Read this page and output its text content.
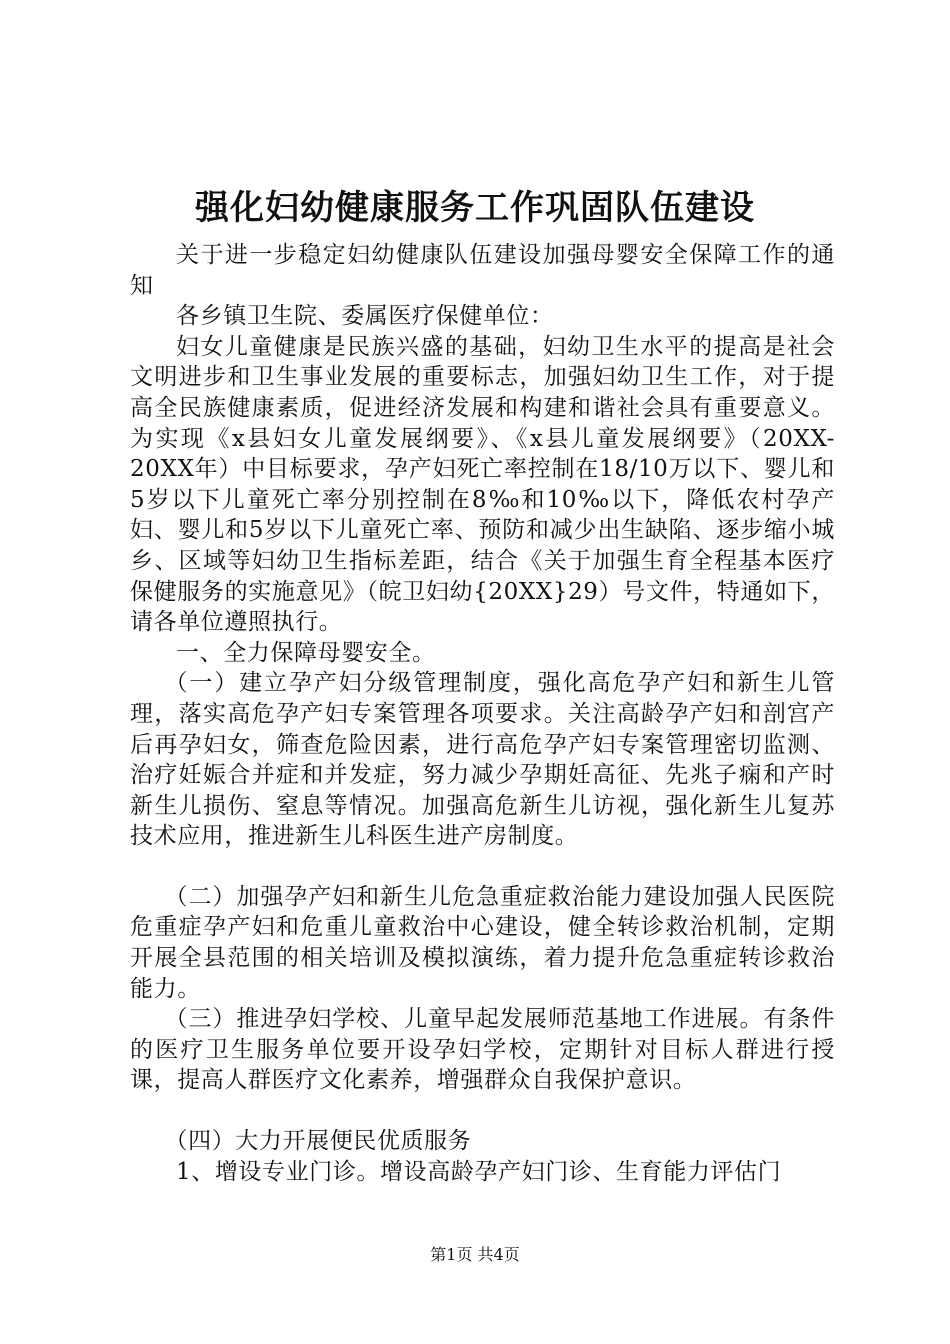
强化妇幼健康服务工作巩固队伍建设

关于进一步稳定妇幼健康队伍建设加强母婴安全保障工作的通知

各乡镇卫生院、委属医疗保健单位：

妇女儿童健康是民族兴盛的基础，妇幼卫生水平的提高是社会文明进步和卫生事业发展的重要标志，加强妇幼卫生工作，对于提高全民族健康素质，促进经济发展和构建和谐社会具有重要意义。为实现《x县妇女儿童发展纲要》、《x县儿童发展纲要》（20XX-20XX年）中目标要求，孕产妇死亡率控制在18/10万以下、婴儿和5岁以下儿童死亡率分别控制在8‰和10‰以下，降低农村孕产妇、婴儿和5岁以下儿童死亡率、预防和减少出生缺陷、逐步缩小城乡、区域等妇幼卫生指标差距，结合《关于加强生育全程基本医疗保健服务的实施意见》（皖卫妇幼{20XX}29）号文件，特通如下，请各单位遵照执行。

一、全力保障母婴安全。

（一）建立孕产妇分级管理制度，强化高危孕产妇和新生儿管理，落实高危孕产妇专案管理各项要求。关注高龄孕产妇和剖宫产后再孕妇女，筛查危险因素，进行高危孕产妇专案管理密切监测、治疗妊娠合并症和并发症，努力减少孕期妊高征、先兆子痫和产时新生儿损伤、窒息等情况。加强高危新生儿访视，强化新生儿复苏技术应用，推进新生儿科医生进产房制度。

（二）加强孕产妇和新生儿危急重症救治能力建设加强人民医院危重症孕产妇和危重儿童救治中心建设，健全转诊救治机制，定期开展全县范围的相关培训及模拟演练，着力提升危急重症转诊救治能力。

（三）推进孕妇学校、儿童早起发展师范基地工作进展。有条件的医疗卫生服务单位要开设孕妇学校，定期针对目标人群进行授课，提高人群医疗文化素养，增强群众自我保护意识。

（四）大力开展便民优质服务

1、增设专业门诊。增设高龄孕产妇门诊、生育能力评估门

第1页 共4页
